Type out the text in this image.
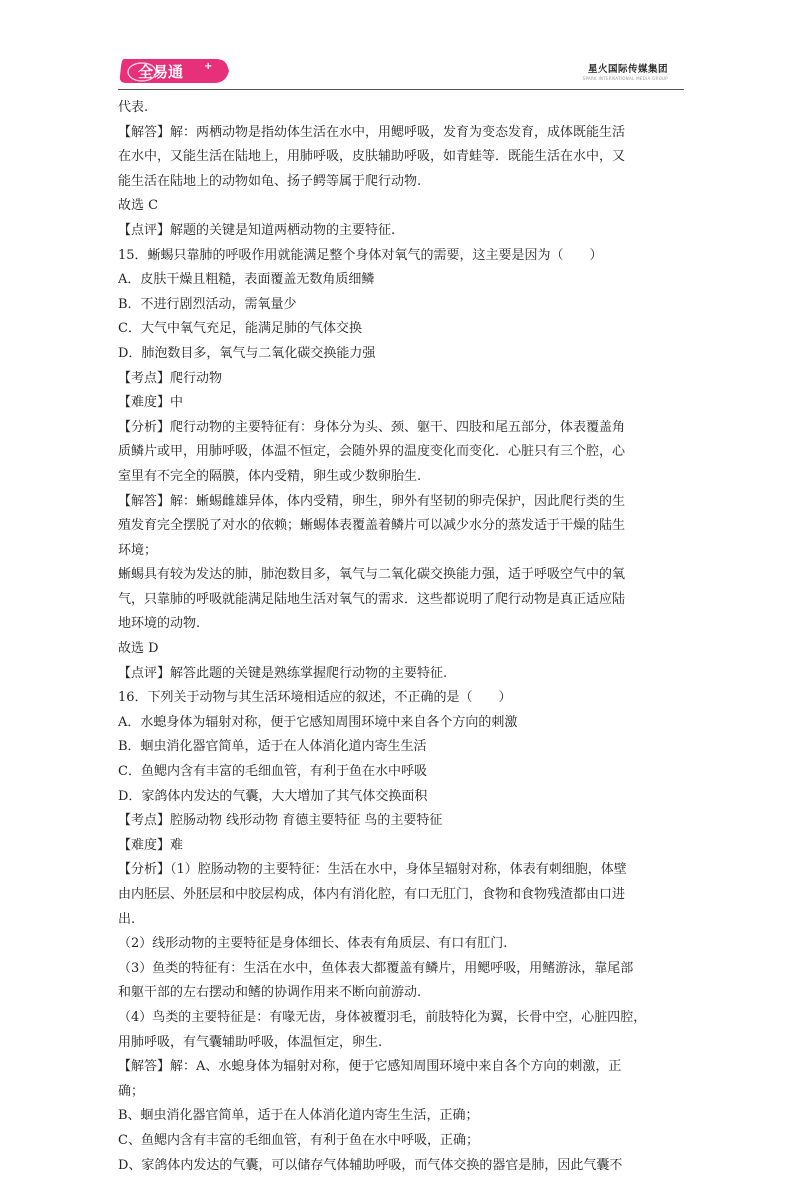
全易通 +	星火国际传媒集团
SPARK INTERNATIONAL MEDIA GROUP
代表.
【解答】解：两栖动物是指幼体生活在水中，用鳃呼吸，发育为变态发育，成体既能生活
在水中，又能生活在陆地上，用肺呼吸，皮肤辅助呼吸，如青蛙等．既能生活在水中，又
能生活在陆地上的动物如龟、扬子鳄等属于爬行动物.
故选 C
【点评】解题的关键是知道两栖动物的主要特征.
15．蜥蜴只靠肺的呼吸作用就能满足整个身体对氧气的需要，这主要是因为（　　）
A．皮肤干燥且粗糙，表面覆盖无数角质细鳞
B．不进行剧烈活动，需氧量少
C．大气中氧气充足，能满足肺的气体交换
D．肺泡数目多，氧气与二氧化碳交换能力强
【考点】爬行动物
【难度】中
【分析】爬行动物的主要特征有：身体分为头、颈、躯干、四肢和尾五部分，体表覆盖角
质鳞片或甲，用肺呼吸，体温不恒定，会随外界的温度变化而变化．心脏只有三个腔，心
室里有不完全的隔膜，体内受精，卵生或少数卵胎生.
【解答】解：蜥蜴雌雄异体，体内受精，卵生，卵外有坚韧的卵壳保护，因此爬行类的生
殖发育完全摆脱了对水的依赖；蜥蜴体表覆盖着鳞片可以减少水分的蒸发适于干燥的陆生
环境；
蜥蜴具有较为发达的肺，肺泡数目多，氧气与二氧化碳交换能力强，适于呼吸空气中的氧
气，只靠肺的呼吸就能满足陆地生活对氧气的需求．这些都说明了爬行动物是真正适应陆
地环境的动物.
故选 D
【点评】解答此题的关键是熟练掌握爬行动物的主要特征.
16．下列关于动物与其生活环境相适应的叙述，不正确的是（　　）
A．水螅身体为辐射对称，便于它感知周围环境中来自各个方向的刺激
B．蛔虫消化器官简单，适于在人体消化道内寄生生活
C．鱼鳃内含有丰富的毛细血管，有利于鱼在水中呼吸
D．家鸽体内发达的气囊，大大增加了其气体交换面积
【考点】腔肠动物 线形动物 育德主要特征 鸟的主要特征
【难度】难
【分析】（1）腔肠动物的主要特征：生活在水中，身体呈辐射对称，体表有刺细胞，体壁
由内胚层、外胚层和中胶层构成，体内有消化腔，有口无肛门，食物和食物残渣都由口进
出.
（2）线形动物的主要特征是身体细长、体表有角质层、有口有肛门.
（3）鱼类的特征有：生活在水中，鱼体表大都覆盖有鳞片，用鳃呼吸，用鳍游泳，靠尾部
和躯干部的左右摆动和鳍的协调作用来不断向前游动.
（4）鸟类的主要特征是：有喙无齿，身体被覆羽毛，前肢特化为翼，长骨中空，心脏四腔，
用肺呼吸，有气囊辅助呼吸，体温恒定，卵生.
【解答】解：A、水螅身体为辐射对称，便于它感知周围环境中来自各个方向的刺激，正
确；
B、蛔虫消化器官简单，适于在人体消化道内寄生生活，正确；
C、鱼鳃内含有丰富的毛细血管，有利于鱼在水中呼吸，正确；
D、家鸽体内发达的气囊，可以储存气体辅助呼吸，而气体交换的器官是肺，因此气囊不
